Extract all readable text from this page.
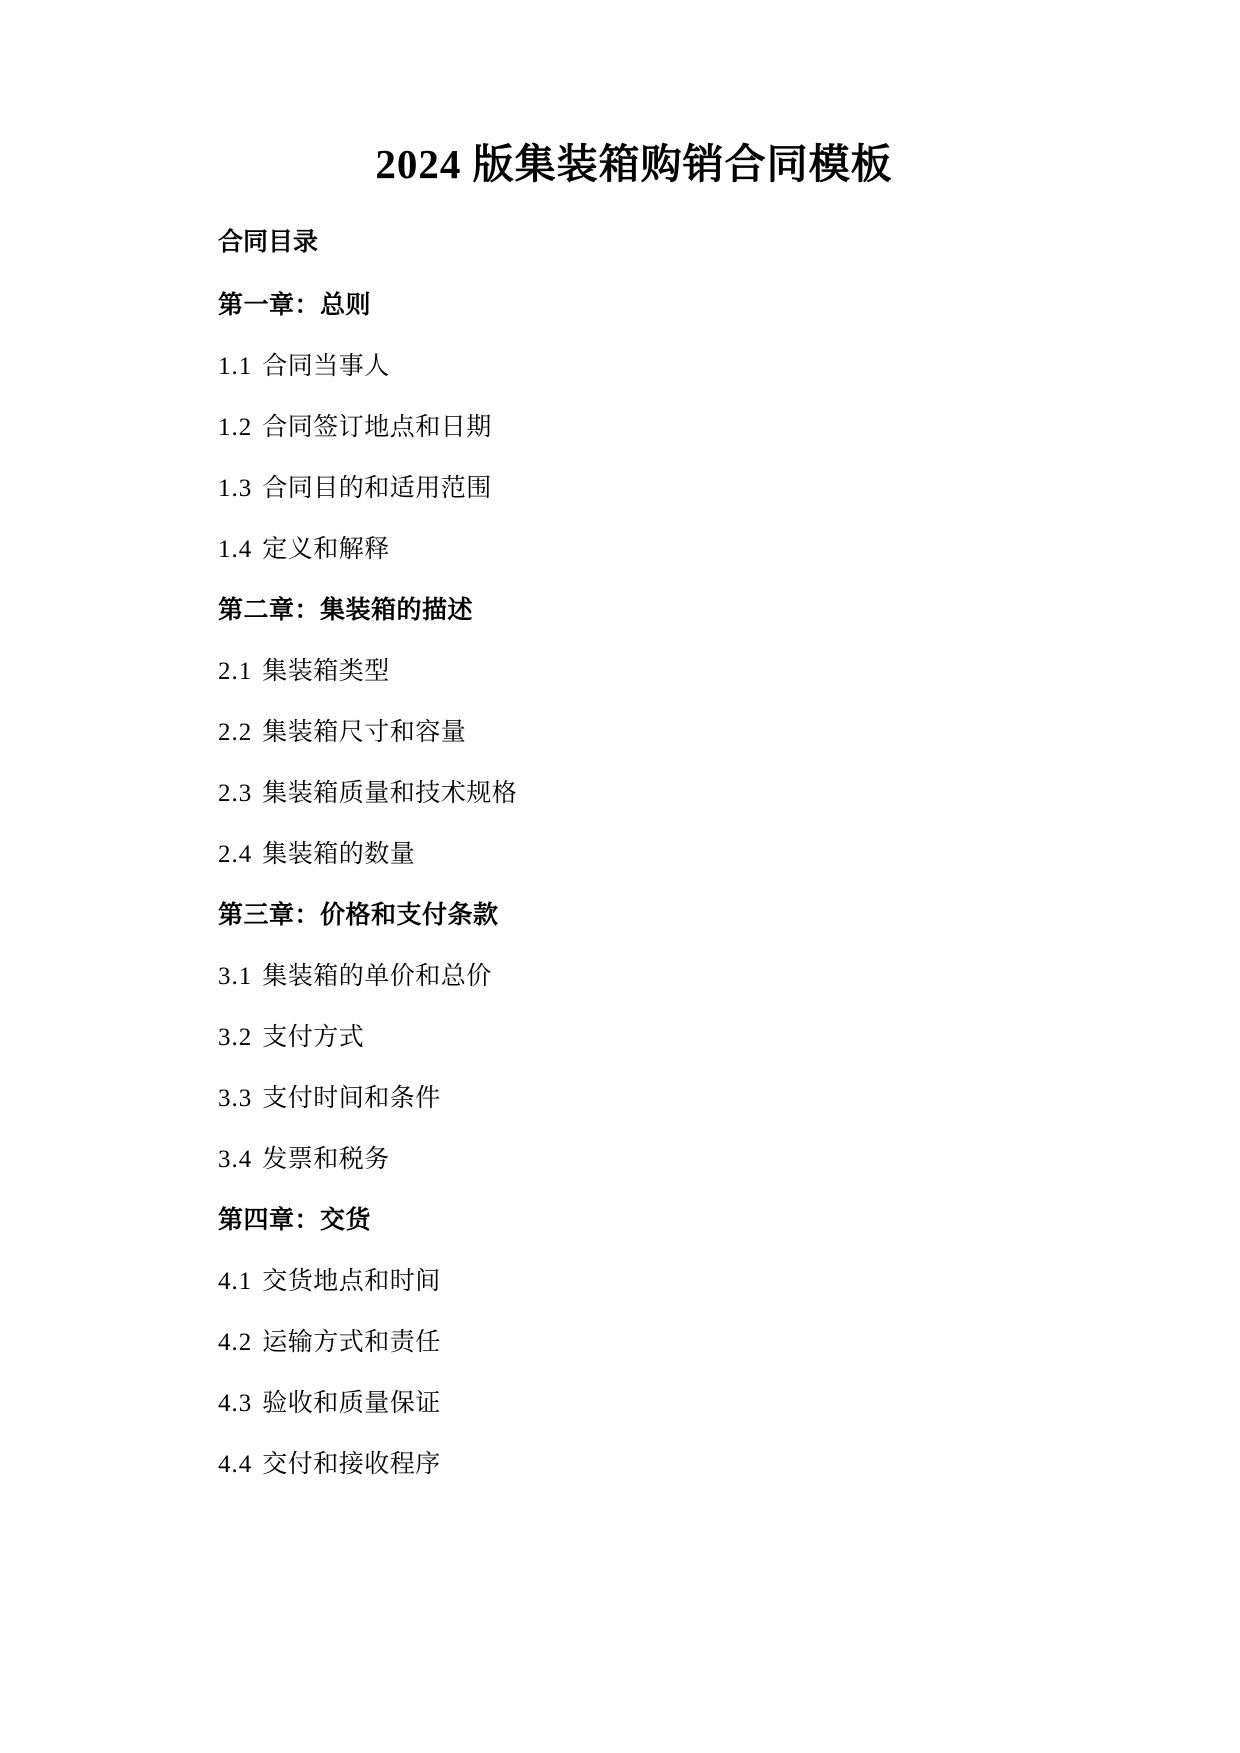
2024 版集装箱购销合同模板
合同目录
第一章：总则
1.1 合同当事人
1.2 合同签订地点和日期
1.3 合同目的和适用范围
1.4 定义和解释
第二章：集装箱的描述
2.1 集装箱类型
2.2 集装箱尺寸和容量
2.3 集装箱质量和技术规格
2.4 集装箱的数量
第三章：价格和支付条款
3.1 集装箱的单价和总价
3.2 支付方式
3.3 支付时间和条件
3.4 发票和税务
第四章：交货
4.1 交货地点和时间
4.2 运输方式和责任
4.3 验收和质量保证
4.4 交付和接收程序
